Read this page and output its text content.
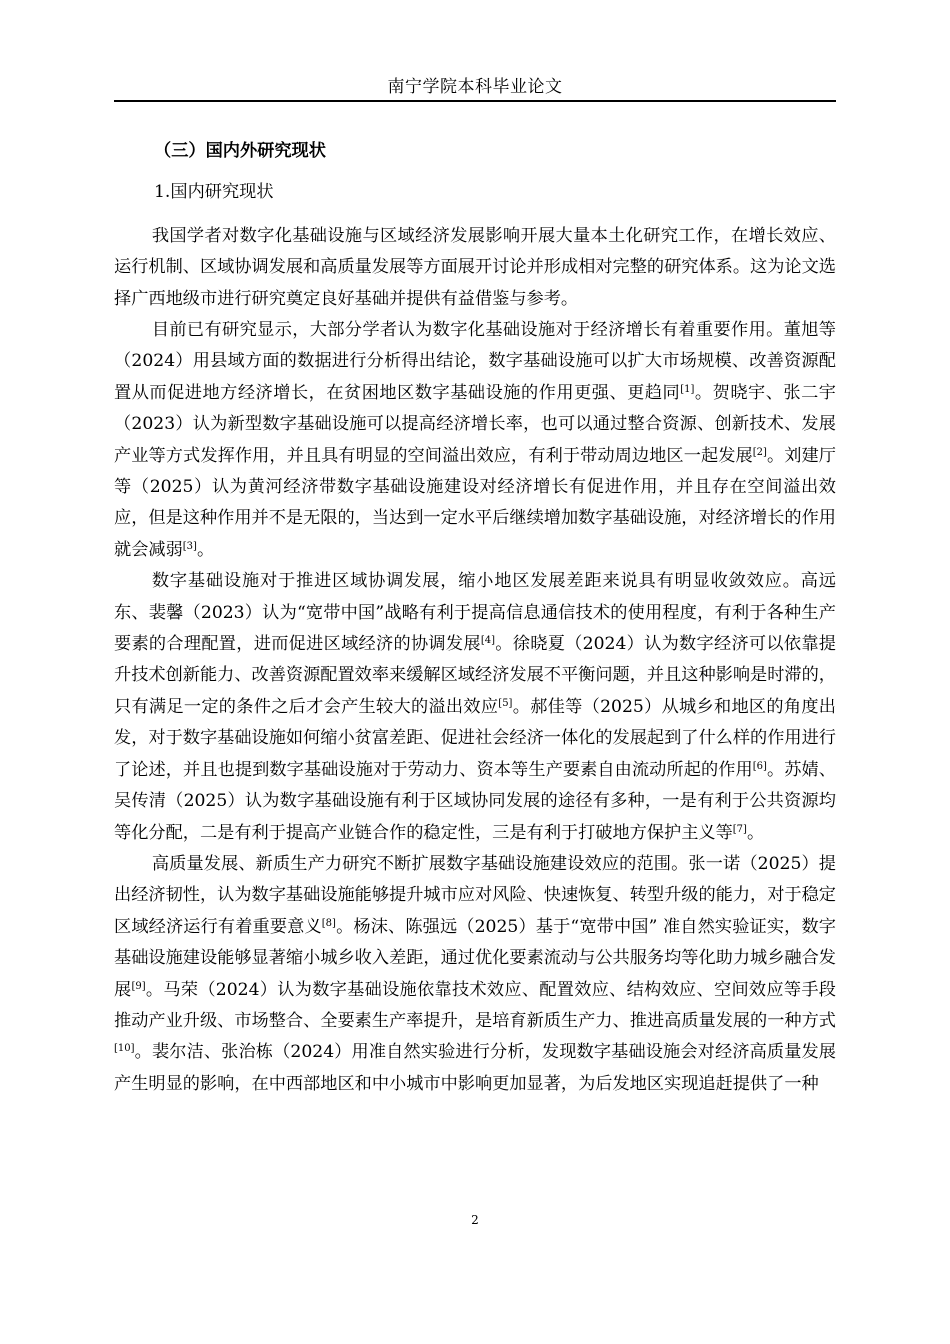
南宁学院本科毕业论文

（三）国内外研究现状

1.国内研究现状

我国学者对数字化基础设施与区域经济发展影响开展大量本土化研究工作，在增长效应、运行机制、区域协调发展和高质量发展等方面展开讨论并形成相对完整的研究体系。这为论文选择广西地级市进行研究奠定良好基础并提供有益借鉴与参考。

目前已有研究显示，大部分学者认为数字化基础设施对于经济增长有着重要作用。董旭等（2024）用县域方面的数据进行分析得出结论，数字基础设施可以扩大市场规模、改善资源配置从而促进地方经济增长，在贫困地区数字基础设施的作用更强、更趋同[1]。贺晓宇、张二宇（2023）认为新型数字基础设施可以提高经济增长率，也可以通过整合资源、创新技术、发展产业等方式发挥作用，并且具有明显的空间溢出效应，有利于带动周边地区一起发展[2]。刘建厅等（2025）认为黄河经济带数字基础设施建设对经济增长有促进作用，并且存在空间溢出效应，但是这种作用并不是无限的，当达到一定水平后继续增加数字基础设施，对经济增长的作用就会减弱[3]。

数字基础设施对于推进区域协调发展，缩小地区发展差距来说具有明显收敛效应。高远东、裴馨（2023）认为“宽带中国”战略有利于提高信息通信技术的使用程度，有利于各种生产要素的合理配置，进而促进区域经济的协调发展[4]。徐晓夏（2024）认为数字经济可以依靠提升技术创新能力、改善资源配置效率来缓解区域经济发展不平衡问题，并且这种影响是时滞的，只有满足一定的条件之后才会产生较大的溢出效应[5]。郝佳等（2025）从城乡和地区的角度出发，对于数字基础设施如何缩小贫富差距、促进社会经济一体化的发展起到了什么样的作用进行了论述，并且也提到数字基础设施对于劳动力、资本等生产要素自由流动所起的作用[6]。苏婧、吴传清（2025）认为数字基础设施有利于区域协同发展的途径有多种，一是有利于公共资源均等化分配，二是有利于提高产业链合作的稳定性，三是有利于打破地方保护主义等[7]。

高质量发展、新质生产力研究不断扩展数字基础设施建设效应的范围。张一诺（2025）提出经济韧性，认为数字基础设施能够提升城市应对风险、快速恢复、转型升级的能力，对于稳定区域经济运行有着重要意义[8]。杨沫、陈强远（2025）基于“宽带中国” 准自然实验证实，数字基础设施建设能够显著缩小城乡收入差距，通过优化要素流动与公共服务均等化助力城乡融合发展[9]。马荣（2024）认为数字基础设施依靠技术效应、配置效应、结构效应、空间效应等手段推动产业升级、市场整合、全要素生产率提升，是培育新质生产力、推进高质量发展的一种方式[10]。裴尔洁、张治栋（2024）用准自然实验进行分析，发现数字基础设施会对经济高质量发展产生明显的影响，在中西部地区和中小城市中影响更加显著，为后发地区实现追赶提供了一种

2
